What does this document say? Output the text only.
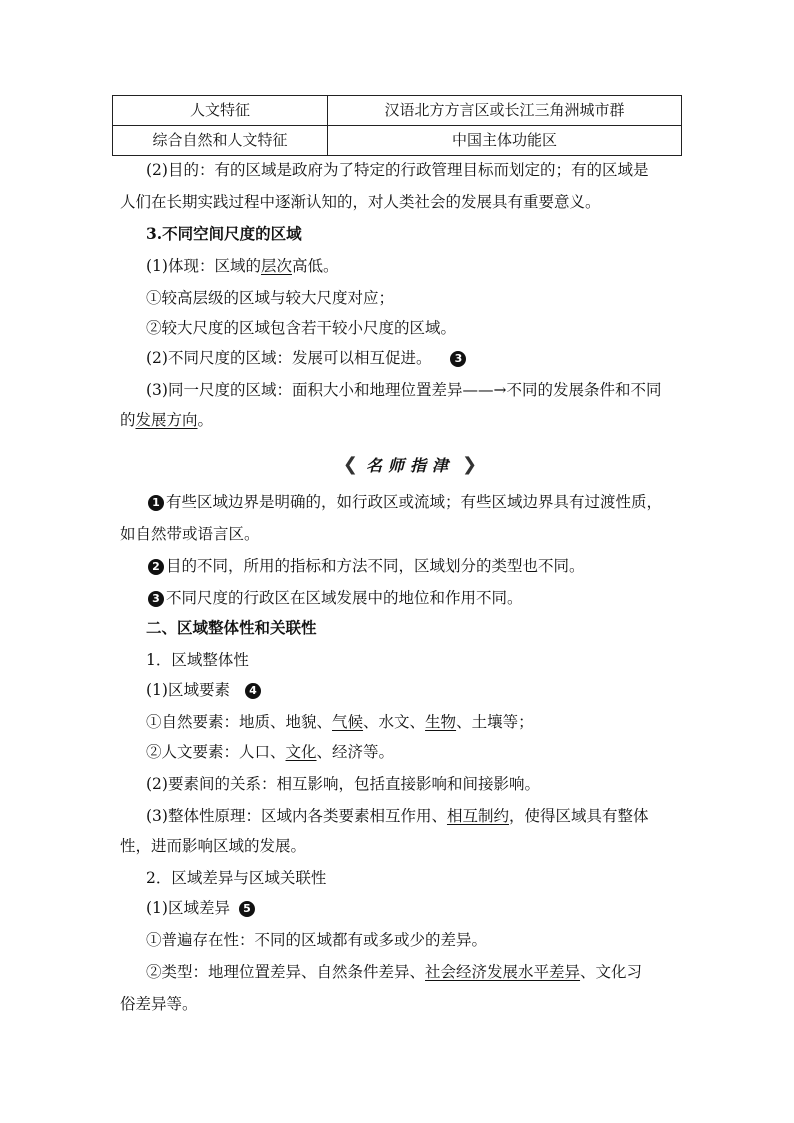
人文特征	汉语北方方言区或长江三角洲城市群
综合自然和人文特征	中国主体功能区
(2)目的：有的区域是政府为了特定的行政管理目标而划定的；有的区域是
人们在长期实践过程中逐渐认知的，对人类社会的发展具有重要意义。
3.不同空间尺度的区域
(1)体现：区域的层次高低。
①较高层级的区域与较大尺度对应；
②较大尺度的区域包含若干较小尺度的区域。
(2)不同尺度的区域：发展可以相互促进。 3
(3)同一尺度的区域：面积大小和地理位置差异——→不同的发展条件和不同
的发展方向。
❮ 名师指津 ❯
1 有些区域边界是明确的，如行政区或流域；有些区域边界具有过渡性质，
如自然带或语言区。
2 目的不同，所用的指标和方法不同，区域划分的类型也不同。
3 不同尺度的行政区在区域发展中的地位和作用不同。
二、区域整体性和关联性
1．区域整体性
(1)区域要素 4
①自然要素：地质、地貌、气候、水文、生物、土壤等；
②人文要素：人口、文化、经济等。
(2)要素间的关系：相互影响，包括直接影响和间接影响。
(3)整体性原理：区域内各类要素相互作用、相互制约，使得区域具有整体
性，进而影响区域的发展。
2．区域差异与区域关联性
(1)区域差异 5
①普遍存在性：不同的区域都有或多或少的差异。
②类型：地理位置差异、自然条件差异、社会经济发展水平差异、文化习
俗差异等。
